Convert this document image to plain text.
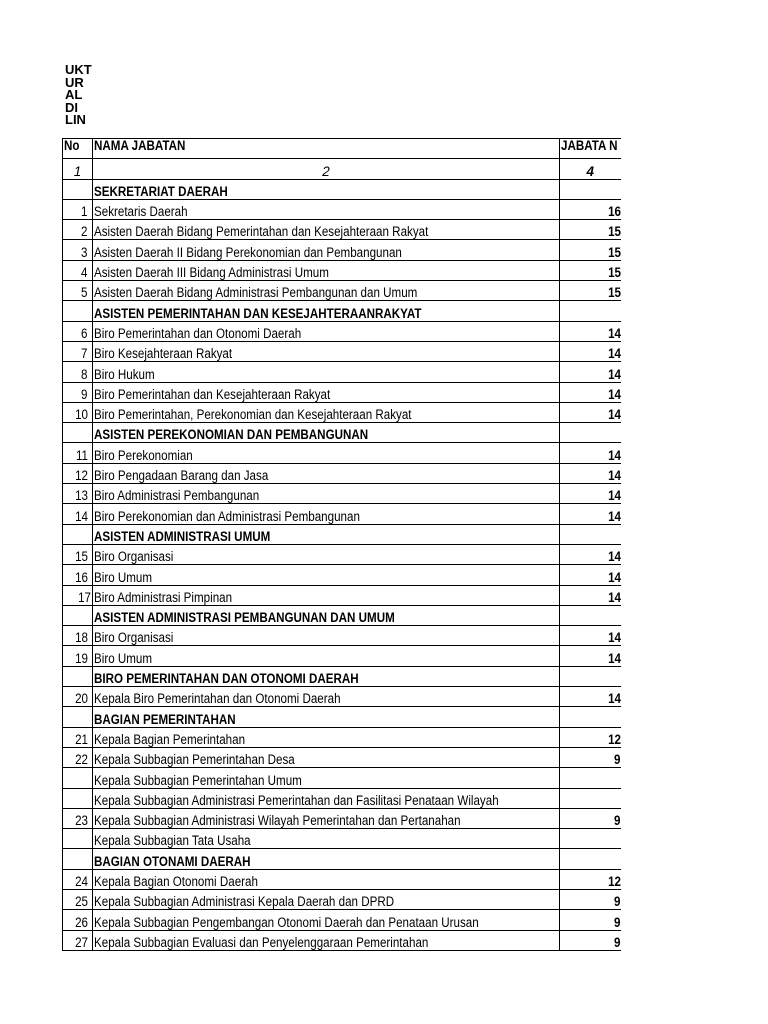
UKT
UR
AL
DI
LIN
No	NAMA JABATAN	JABATA N
1	2	4
	SEKRETARIAT DAERAH	
1	Sekretaris Daerah	16
2	Asisten Daerah Bidang Pemerintahan dan Kesejahteraan Rakyat	15
3	Asisten Daerah II Bidang Perekonomian dan Pembangunan	15
4	Asisten Daerah III Bidang Administrasi Umum	15
5	Asisten Daerah Bidang Administrasi Pembangunan dan Umum	15
	ASISTEN PEMERINTAHAN DAN KESEJAHTERAANRAKYAT	
6	Biro Pemerintahan dan Otonomi Daerah	14
7	Biro Kesejahteraan Rakyat	14
8	Biro Hukum	14
9	Biro Pemerintahan dan Kesejahteraan Rakyat	14
10	Biro Pemerintahan, Perekonomian dan Kesejahteraan Rakyat	14
	ASISTEN PEREKONOMIAN DAN PEMBANGUNAN	
11	Biro Perekonomian	14
12	Biro Pengadaan Barang dan Jasa	14
13	Biro Administrasi Pembangunan	14
14	Biro Perekonomian dan Administrasi Pembangunan	14
	ASISTEN ADMINISTRASI UMUM	
15	Biro Organisasi	14
16	Biro Umum	14
17	Biro Administrasi Pimpinan	14
	ASISTEN ADMINISTRASI PEMBANGUNAN DAN UMUM	
18	Biro Organisasi	14
19	Biro Umum	14
	BIRO PEMERINTAHAN DAN OTONOMI DAERAH	
20	Kepala Biro Pemerintahan dan Otonomi Daerah	14
	BAGIAN PEMERINTAHAN	
21	Kepala Bagian Pemerintahan	12
22	Kepala Subbagian Pemerintahan Desa	9
	Kepala Subbagian Pemerintahan Umum	
	Kepala Subbagian Administrasi Pemerintahan dan Fasilitasi Penataan Wilayah	
23	Kepala Subbagian Administrasi Wilayah Pemerintahan dan Pertanahan	9
	Kepala Subbagian Tata Usaha	
	BAGIAN OTONAMI DAERAH	
24	Kepala Bagian Otonomi Daerah	12
25	Kepala Subbagian Administrasi Kepala Daerah dan DPRD	9
26	Kepala Subbagian Pengembangan Otonomi Daerah dan Penataan Urusan	9
27	Kepala Subbagian Evaluasi dan Penyelenggaraan Pemerintahan	9
